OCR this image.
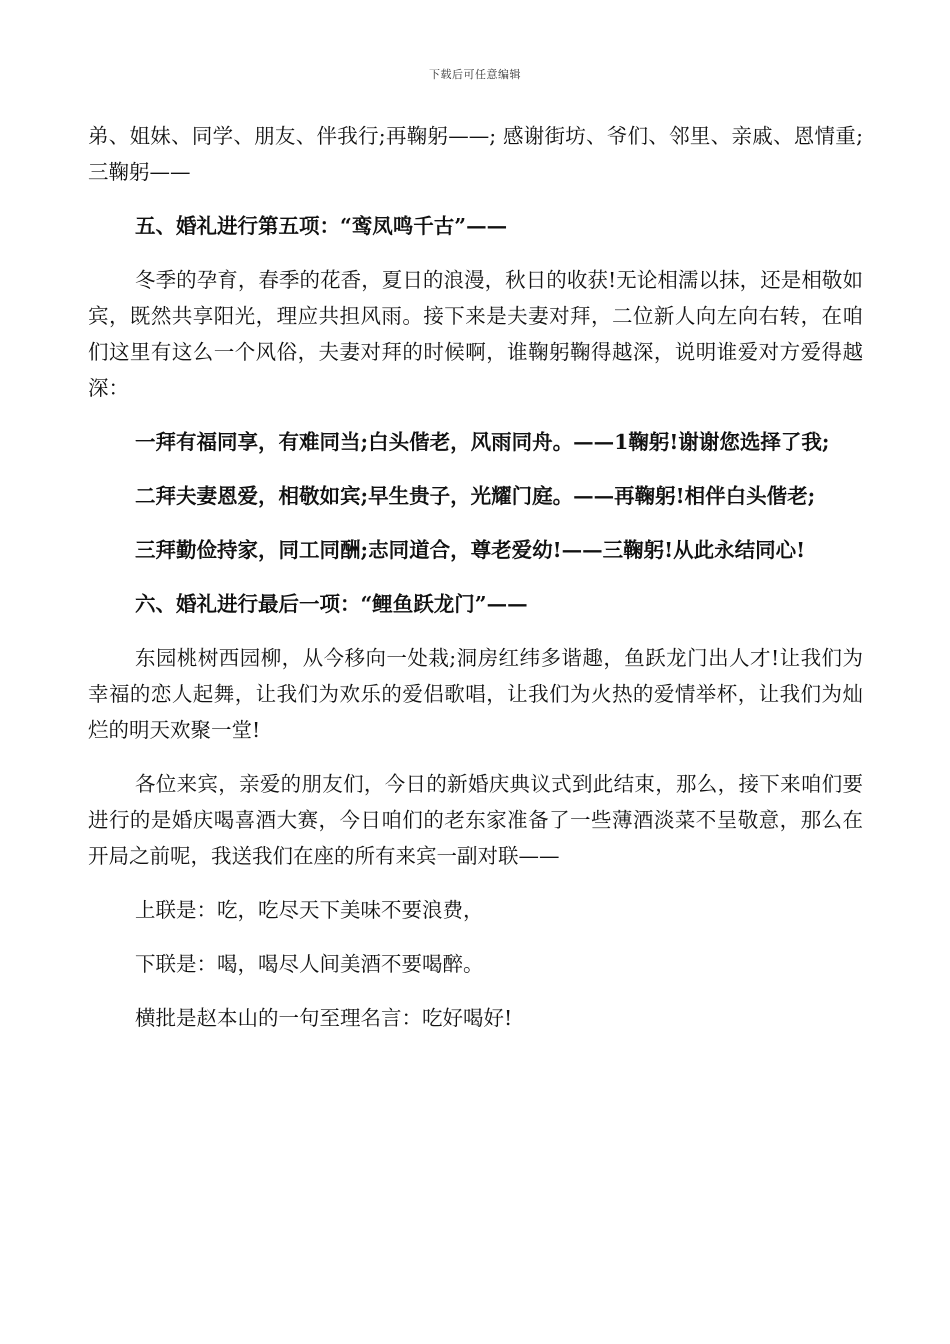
下载后可任意编辑

弟、姐妹、同学、朋友、伴我行;再鞠躬——; 感谢街坊、爷们、邻里、亲戚、恩情重;三鞠躬——

五、婚礼进行第五项：“鸾凤鸣千古”——

冬季的孕育，春季的花香，夏日的浪漫，秋日的收获!无论相濡以抹，还是相敬如宾，既然共享阳光，理应共担风雨。接下来是夫妻对拜，二位新人向左向右转，在咱们这里有这么一个风俗，夫妻对拜的时候啊，谁鞠躬鞠得越深，说明谁爱对方爱得越深：

一拜有福同享，有难同当;白头偕老，风雨同舟。——1鞠躬!谢谢您选择了我;

二拜夫妻恩爱，相敬如宾;早生贵子，光耀门庭。——再鞠躬!相伴白头偕老;

三拜勤俭持家，同工同酬;志同道合，尊老爱幼!——三鞠躬!从此永结同心!

六、婚礼进行最后一项：“鲤鱼跃龙门”——

东园桃树西园柳，从今移向一处栽;洞房红纬多谐趣，鱼跃龙门出人才!让我们为幸福的恋人起舞，让我们为欢乐的爱侣歌唱，让我们为火热的爱情举杯，让我们为灿烂的明天欢聚一堂!

各位来宾，亲爱的朋友们，今日的新婚庆典议式到此结束，那么，接下来咱们要进行的是婚庆喝喜酒大赛，今日咱们的老东家准备了一些薄酒淡菜不呈敬意，那么在开局之前呢，我送我们在座的所有来宾一副对联——

上联是：吃，吃尽天下美味不要浪费，

下联是：喝，喝尽人间美酒不要喝醉。

横批是赵本山的一句至理名言：吃好喝好!
